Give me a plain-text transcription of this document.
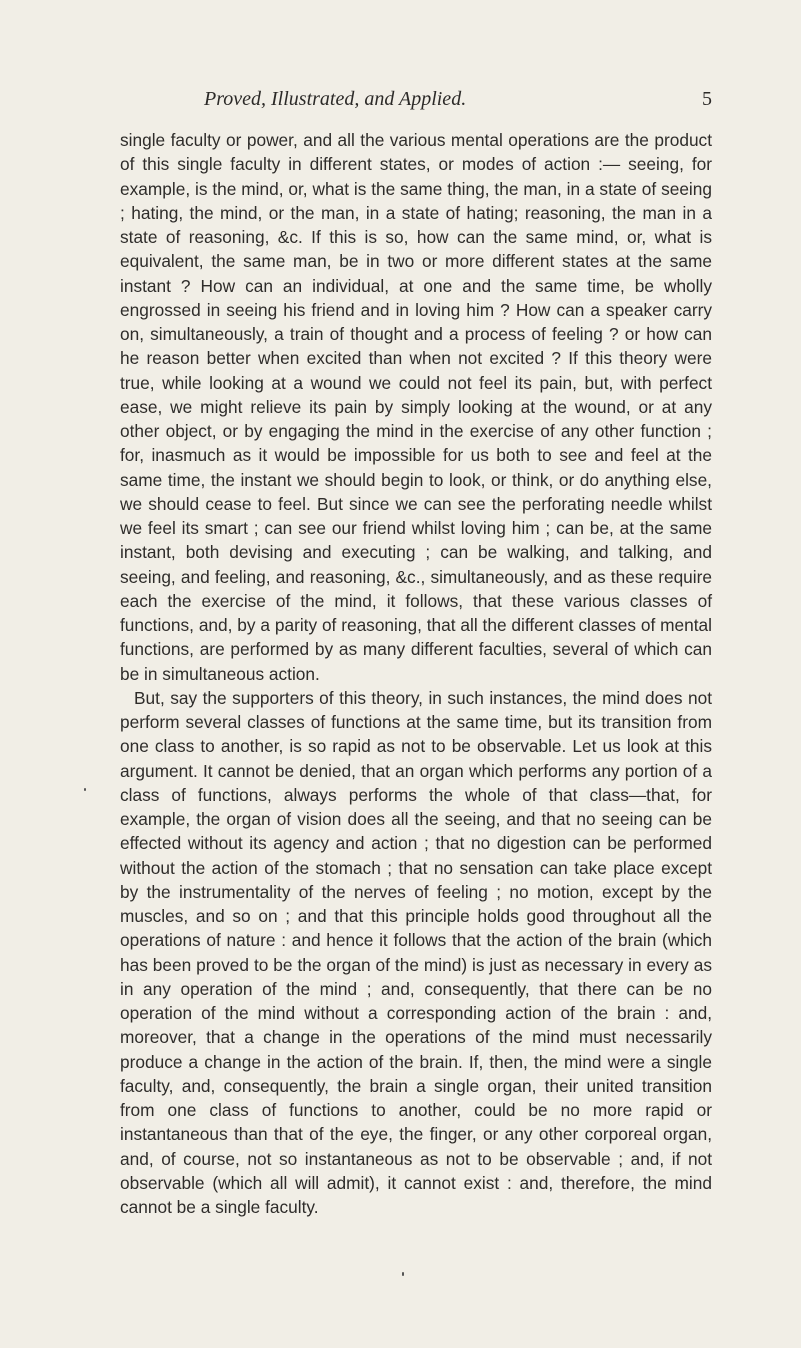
Proved, Illustrated, and Applied.	5

single faculty or power, and all the various mental operations are the product of this single faculty in different states, or modes of action :— seeing, for example, is the mind, or, what is the same thing, the man, in a state of seeing ; hating, the mind, or the man, in a state of hating; reasoning, the man in a state of reasoning, &c. If this is so, how can the same mind, or, what is equivalent, the same man, be in two or more different states at the same instant ? How can an individual, at one and the same time, be wholly engrossed in seeing his friend and in loving him ? How can a speaker carry on, simultaneously, a train of thought and a process of feeling ? or how can he reason better when excited than when not excited ? If this theory were true, while looking at a wound we could not feel its pain, but, with perfect ease, we might relieve its pain by simply looking at the wound, or at any other object, or by engaging the mind in the exercise of any other function ; for, inasmuch as it would be impossible for us both to see and feel at the same time, the instant we should begin to look, or think, or do anything else, we should cease to feel. But since we can see the perforating needle whilst we feel its smart ; can see our friend whilst loving him ; can be, at the same instant, both devising and executing ; can be walking, and talking, and seeing, and feeling, and reasoning, &c., simultaneously, and as these require each the exercise of the mind, it follows, that these various classes of functions, and, by a parity of reasoning, that all the different classes of mental functions, are performed by as many different faculties, several of which can be in simultaneous action.

But, say the supporters of this theory, in such instances, the mind does not perform several classes of functions at the same time, but its transition from one class to another, is so rapid as not to be observable. Let us look at this argument. It cannot be denied, that an organ which performs any portion of a class of functions, always performs the whole of that class—that, for example, the organ of vision does all the seeing, and that no seeing can be effected without its agency and action ; that no digestion can be performed without the action of the stomach ; that no sensation can take place except by the instrumentality of the nerves of feeling ; no motion, except by the muscles, and so on ; and that this principle holds good throughout all the operations of nature : and hence it follows that the action of the brain (which has been proved to be the organ of the mind) is just as necessary in every as in any operation of the mind ; and, consequently, that there can be no operation of the mind without a corresponding action of the brain : and, moreover, that a change in the operations of the mind must necessarily produce a change in the action of the brain. If, then, the mind were a single faculty, and, consequently, the brain a single organ, their united transition from one class of functions to another, could be no more rapid or instantaneous than that of the eye, the finger, or any other corporeal organ, and, of course, not so instantaneous as not to be observable ; and, if not observable (which all will admit), it cannot exist : and, therefore, the mind cannot be a single faculty.
